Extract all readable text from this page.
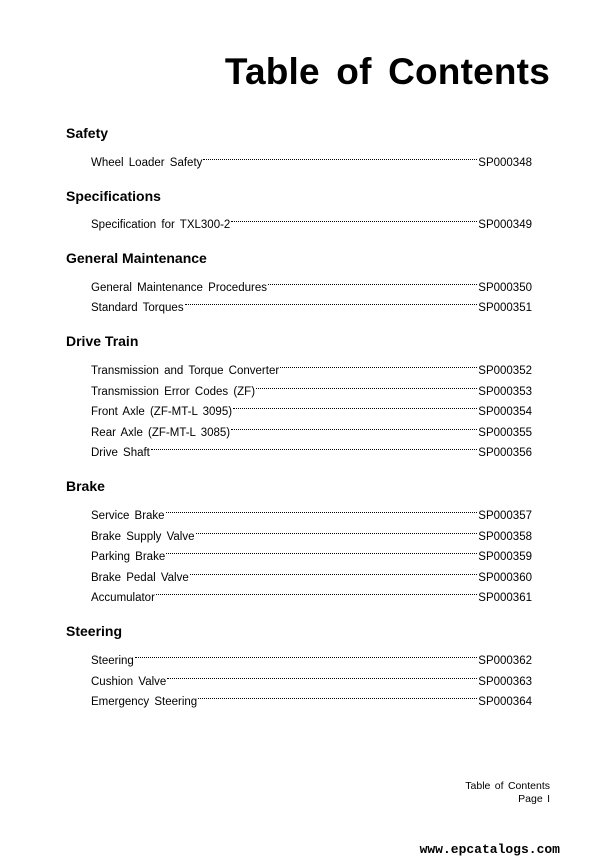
Table of Contents
Safety
Wheel Loader Safety	SP000348
Specifications
Specification for TXL300-2	SP000349
General Maintenance
General Maintenance Procedures	SP000350
Standard Torques	SP000351
Drive Train
Transmission and Torque Converter	SP000352
Transmission Error Codes (ZF)	SP000353
Front Axle (ZF-MT-L 3095)	SP000354
Rear Axle (ZF-MT-L 3085)	SP000355
Drive Shaft	SP000356
Brake
Service Brake	SP000357
Brake Supply Valve	SP000358
Parking Brake	SP000359
Brake Pedal Valve	SP000360
Accumulator	SP000361
Steering
Steering	SP000362
Cushion Valve	SP000363
Emergency Steering	SP000364
Table of Contents
Page I
www.epcatalogs.com
